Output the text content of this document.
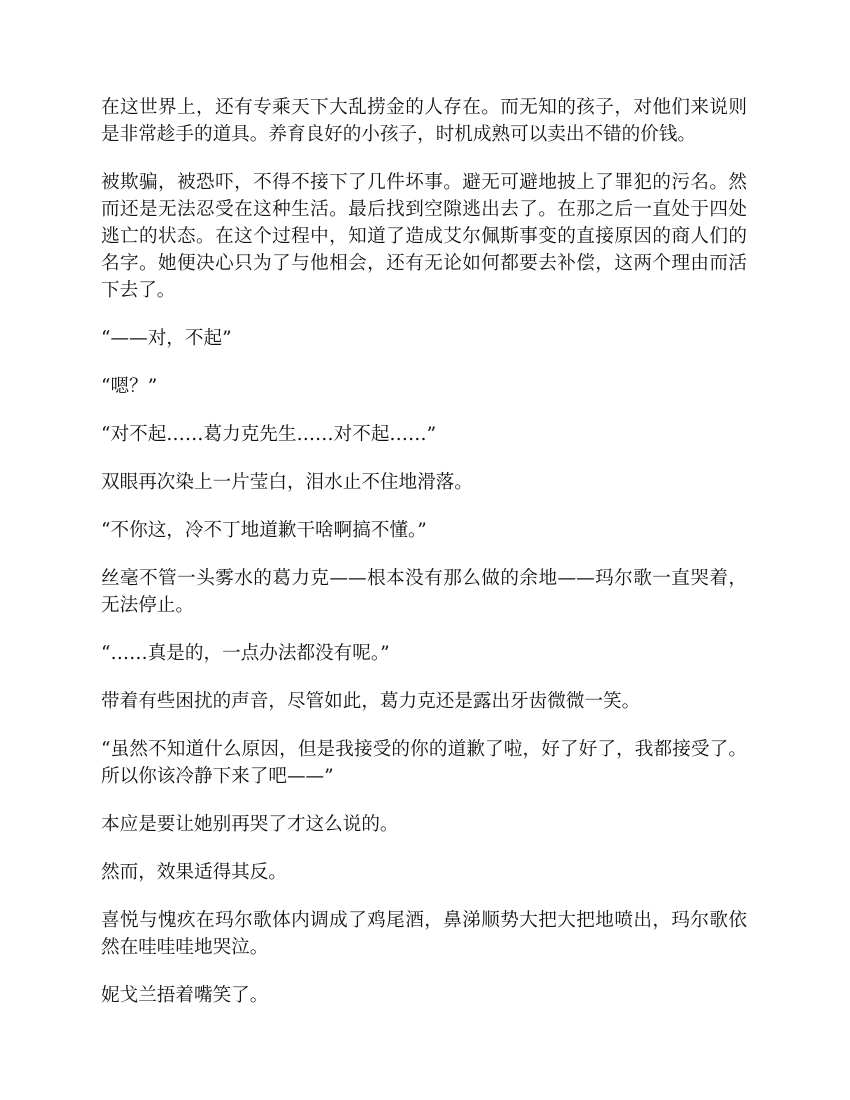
在这世界上，还有专乘天下大乱捞金的人存在。而无知的孩子，对他们来说则是非常趁手的道具。养育良好的小孩子，时机成熟可以卖出不错的价钱。

被欺骗，被恐吓，不得不接下了几件坏事。避无可避地披上了罪犯的污名。然而还是无法忍受在这种生活。最后找到空隙逃出去了。在那之后一直处于四处逃亡的状态。在这个过程中，知道了造成艾尔佩斯事变的直接原因的商人们的名字。她便决心只为了与他相会，还有无论如何都要去补偿，这两个理由而活下去了。

“——对，不起”

“嗯？”

“对不起……葛力克先生……对不起……”

双眼再次染上一片莹白，泪水止不住地滑落。

“不你这，冷不丁地道歉干啥啊搞不懂。”

丝毫不管一头雾水的葛力克——根本没有那么做的余地——玛尔歌一直哭着，无法停止。

“……真是的，一点办法都没有呢。”

带着有些困扰的声音，尽管如此，葛力克还是露出牙齿微微一笑。

“虽然不知道什么原因，但是我接受的你的道歉了啦，好了好了，我都接受了。所以你该冷静下来了吧——”

本应是要让她别再哭了才这么说的。

然而，效果适得其反。

喜悦与愧疚在玛尔歌体内调成了鸡尾酒，鼻涕顺势大把大把地喷出，玛尔歌依然在哇哇哇地哭泣。

妮戈兰捂着嘴笑了。
